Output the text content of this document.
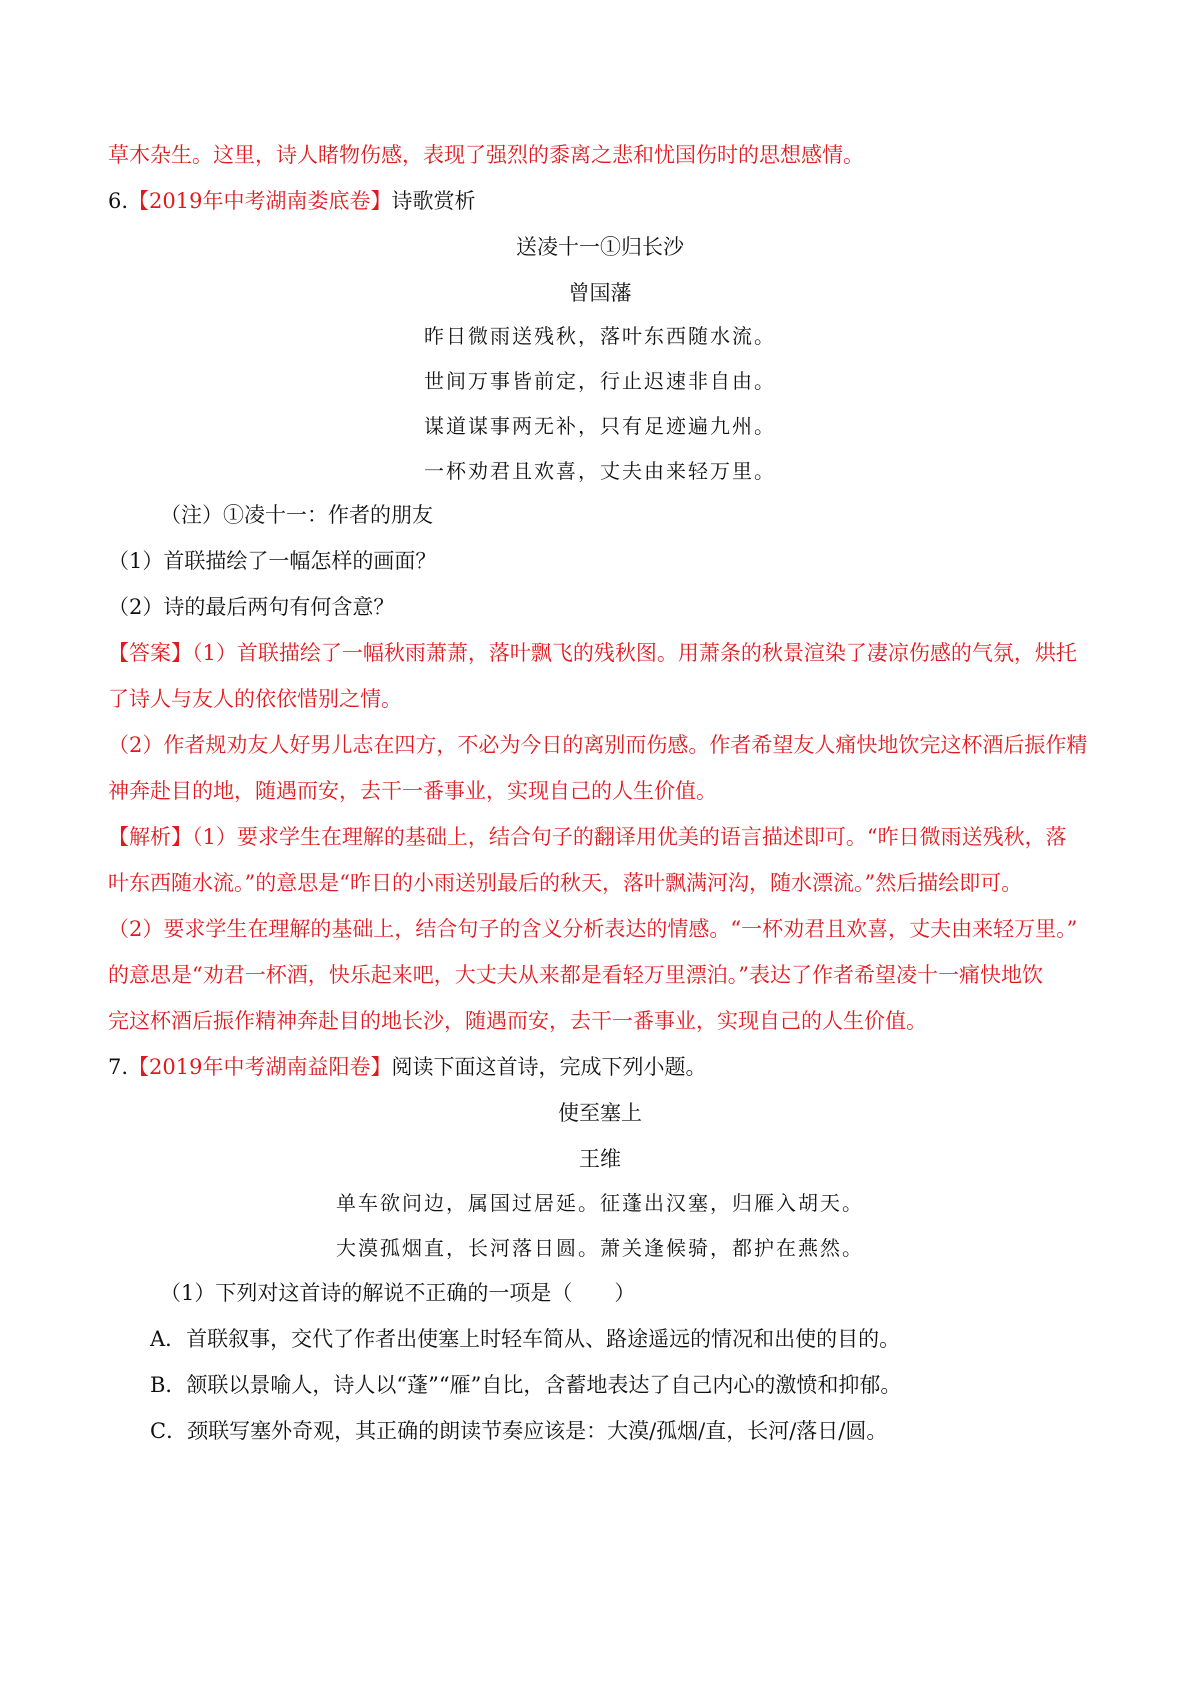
草木杂生。这里，诗人睹物伤感，表现了强烈的黍离之悲和忧国伤时的思想感情。
6.【2019年中考湖南娄底卷】诗歌赏析
送凌十一①归长沙
曾国藩
昨日微雨送残秋，落叶东西随水流。
世间万事皆前定，行止迟速非自由。
谋道谋事两无补，只有足迹遍九州。
一杯劝君且欢喜，丈夫由来轻万里。
（注）①凌十一：作者的朋友
（1）首联描绘了一幅怎样的画面？
（2）诗的最后两句有何含意？
【答案】（1）首联描绘了一幅秋雨萧萧，落叶飘飞的残秋图。用萧条的秋景渲染了凄凉伤感的气氛，烘托
了诗人与友人的依依惜别之情。
（2）作者规劝友人好男儿志在四方，不必为今日的离别而伤感。作者希望友人痛快地饮完这杯酒后振作精
神奔赴目的地，随遇而安，去干一番事业，实现自己的人生价值。
【解析】（1）要求学生在理解的基础上，结合句子的翻译用优美的语言描述即可。“昨日微雨送残秋，落
叶东西随水流。”的意思是“昨日的小雨送别最后的秋天，落叶飘满河沟，随水漂流。”然后描绘即可。
（2）要求学生在理解的基础上，结合句子的含义分析表达的情感。“一杯劝君且欢喜，丈夫由来轻万里。”
的意思是“劝君一杯酒，快乐起来吧，大丈夫从来都是看轻万里漂泊。”表达了作者希望凌十一痛快地饮
完这杯酒后振作精神奔赴目的地长沙，随遇而安，去干一番事业，实现自己的人生价值。
7.【2019年中考湖南益阳卷】阅读下面这首诗，完成下列小题。
使至塞上
王维
单车欲问边，属国过居延。征蓬出汉塞，归雁入胡天。
大漠孤烟直，长河落日圆。萧关逢候骑，都护在燕然。
（1）下列对这首诗的解说不正确的一项是（　　）
A．首联叙事，交代了作者出使塞上时轻车简从、路途遥远的情况和出使的目的。
B．颔联以景喻人，诗人以“蓬”“雁”自比，含蓄地表达了自己内心的激愤和抑郁。
C．颈联写塞外奇观，其正确的朗读节奏应该是：大漠/孤烟/直，长河/落日/圆。
